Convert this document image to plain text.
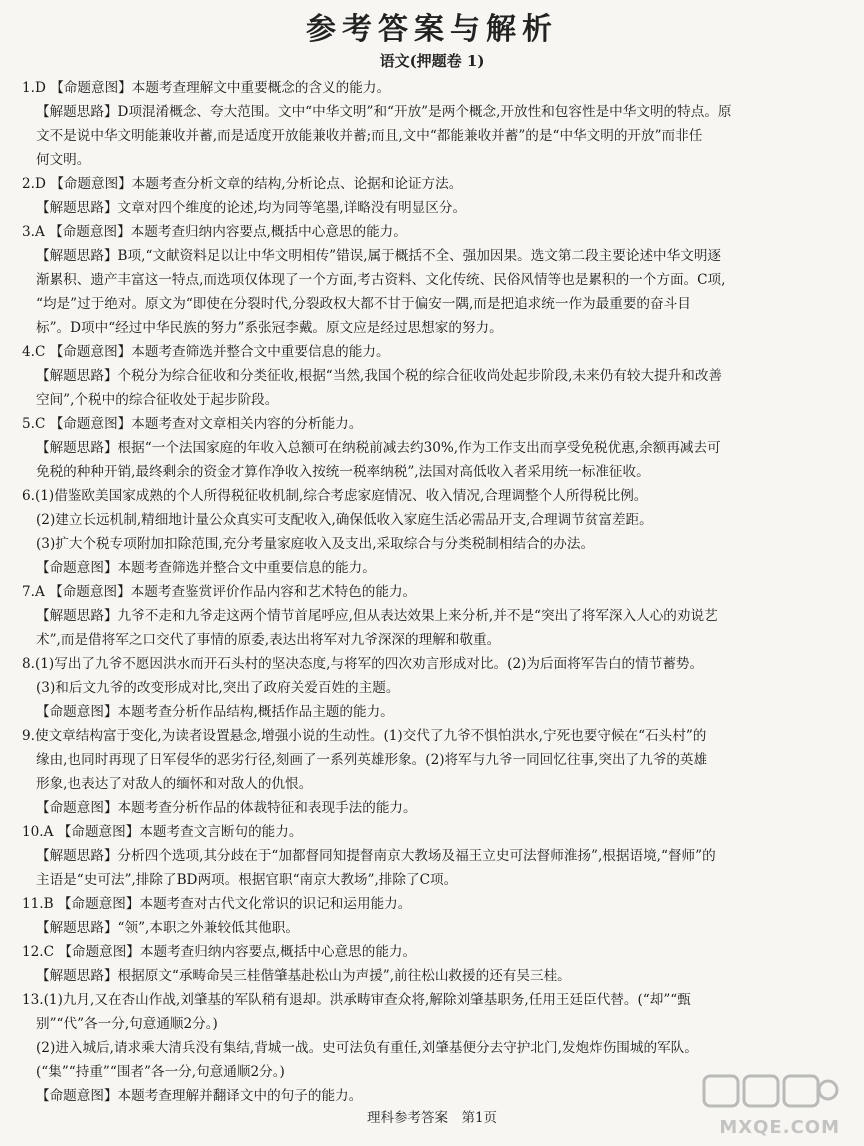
参考答案与解析
语文(押题卷 1)

1.D 【命题意图】本题考查理解文中重要概念的含义的能力。

【解题思路】D项混淆概念、夸大范围。文中“中华文明”和“开放”是两个概念,开放性和包容性是中华文明的特点。原

文不是说中华文明能兼收并蓄,而是适度开放能兼收并蓄;而且,文中“都能兼收并蓄”的是“中华文明的开放”而非任

何文明。

2.D 【命题意图】本题考查分析文章的结构,分析论点、论据和论证方法。

【解题思路】文章对四个维度的论述,均为同等笔墨,详略没有明显区分。

3.A 【命题意图】本题考查归纳内容要点,概括中心意思的能力。

【解题思路】B项,“文献资料足以让中华文明相传”错误,属于概括不全、强加因果。选文第二段主要论述中华文明逐

渐累积、遗产丰富这一特点,而选项仅体现了一个方面,考古资料、文化传统、民俗风情等也是累积的一个方面。C项,

“均是”过于绝对。原文为“即使在分裂时代,分裂政权大都不甘于偏安一隅,而是把追求统一作为最重要的奋斗目

标”。D项中“经过中华民族的努力”系张冠李戴。原文应是经过思想家的努力。

4.C 【命题意图】本题考查筛选并整合文中重要信息的能力。

【解题思路】个税分为综合征收和分类征收,根据“当然,我国个税的综合征收尚处起步阶段,未来仍有较大提升和改善

空间”,个税中的综合征收处于起步阶段。

5.C 【命题意图】本题考查对文章相关内容的分析能力。

【解题思路】根据“一个法国家庭的年收入总额可在纳税前减去约30%,作为工作支出而享受免税优惠,余额再减去可

免税的种种开销,最终剩余的资金才算作净收入按统一税率纳税”,法国对高低收入者采用统一标准征收。

6.(1)借鉴欧美国家成熟的个人所得税征收机制,综合考虑家庭情况、收入情况,合理调整个人所得税比例。

(2)建立长远机制,精细地计量公众真实可支配收入,确保低收入家庭生活必需品开支,合理调节贫富差距。

(3)扩大个税专项附加扣除范围,充分考量家庭收入及支出,采取综合与分类税制相结合的办法。

【命题意图】本题考查筛选并整合文中重要信息的能力。

7.A 【命题意图】本题考查鉴赏评价作品内容和艺术特色的能力。

【解题思路】九爷不走和九爷走这两个情节首尾呼应,但从表达效果上来分析,并不是“突出了将军深入人心的劝说艺

术”,而是借将军之口交代了事情的原委,表达出将军对九爷深深的理解和敬重。

8.(1)写出了九爷不愿因洪水而开石头村的坚决态度,与将军的四次劝言形成对比。(2)为后面将军告白的情节蓄势。

(3)和后文九爷的改变形成对比,突出了政府关爱百姓的主题。

【命题意图】本题考查分析作品结构,概括作品主题的能力。

9.使文章结构富于变化,为读者设置悬念,增强小说的生动性。(1)交代了九爷不惧怕洪水,宁死也要守候在“石头村”的

缘由,也同时再现了日军侵华的恶劣行径,刻画了一系列英雄形象。(2)将军与九爷一同回忆往事,突出了九爷的英雄

形象,也表达了对敌人的缅怀和对敌人的仇恨。

【命题意图】本题考查分析作品的体裁特征和表现手法的能力。

10.A 【命题意图】本题考查文言断句的能力。

【解题思路】分析四个选项,其分歧在于“加都督同知提督南京大教场及福王立史可法督师淮扬”,根据语境,“督师”的

主语是“史可法”,排除了BD两项。根据官职“南京大教场”,排除了C项。

11.B 【命题意图】本题考查对古代文化常识的识记和运用能力。

【解题思路】“领”,本职之外兼较低其他职。

12.C 【命题意图】本题考查归纳内容要点,概括中心意思的能力。

【解题思路】根据原文“承畴命吴三桂偕肇基赴松山为声援”,前往松山救援的还有吴三桂。

13.(1)九月,又在杏山作战,刘肇基的军队稍有退却。洪承畴审查众将,解除刘肇基职务,任用王廷臣代替。(“却”“甄

别”“代”各一分,句意通顺2分。)

(2)进入城后,请求乘大清兵没有集结,背城一战。史可法负有重任,刘肇基便分去守护北门,发炮炸伤围城的军队。

(“集”“持重”“围者”各一分,句意通顺2分。)

【命题意图】本题考查理解并翻译文中的句子的能力。

理科参考答案　第1页	MXQE.COM
